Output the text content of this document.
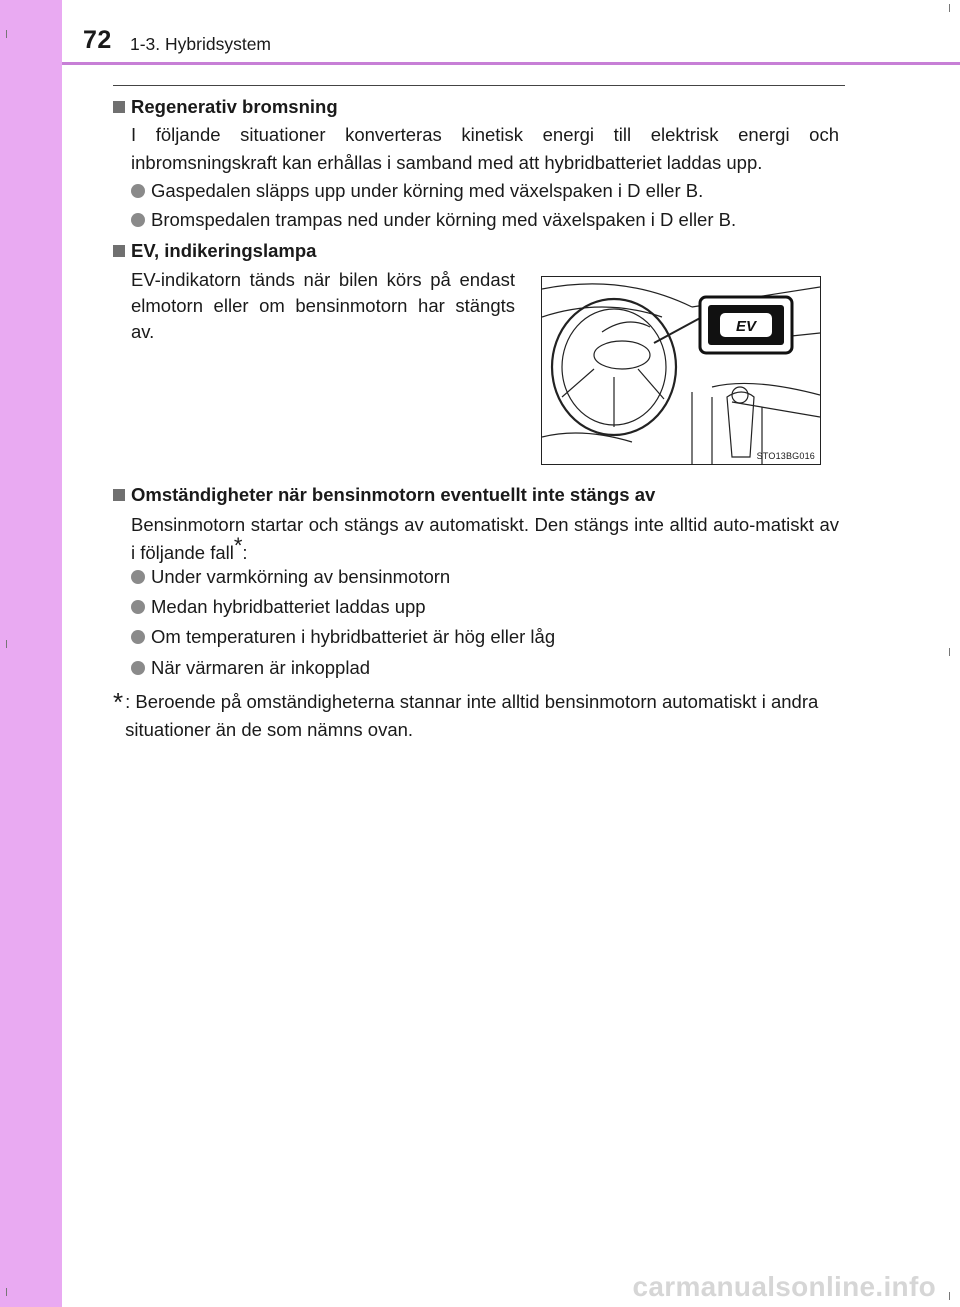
72 1-3. Hybridsystem
Regenerativ bromsning
I följande situationer konverteras kinetisk energi till elektrisk energi och inbromsningskraft kan erhållas i samband med att hybridbatteriet laddas upp.
Gaspedalen släpps upp under körning med växelspaken i D eller B.
Bromspedalen trampas ned under körning med växelspaken i D eller B.
EV, indikeringslampa
EV-indikatorn tänds när bilen körs på endast elmotorn eller om bensinmotorn har stängts av.	EV
STO13BG016
Omständigheter när bensinmotorn eventuellt inte stängs av
Bensinmotorn startar och stängs av automatiskt. Den stängs inte alltid auto-matiskt av i följande fall*:
Under varmkörning av bensinmotorn
Medan hybridbatteriet laddas upp
Om temperaturen i hybridbatteriet är hög eller låg
När värmaren är inkopplad
* : Beroende på omständigheterna stannar inte alltid bensinmotorn automatiskt i andra situationer än de som nämns ovan.
carmanualsonline.info
